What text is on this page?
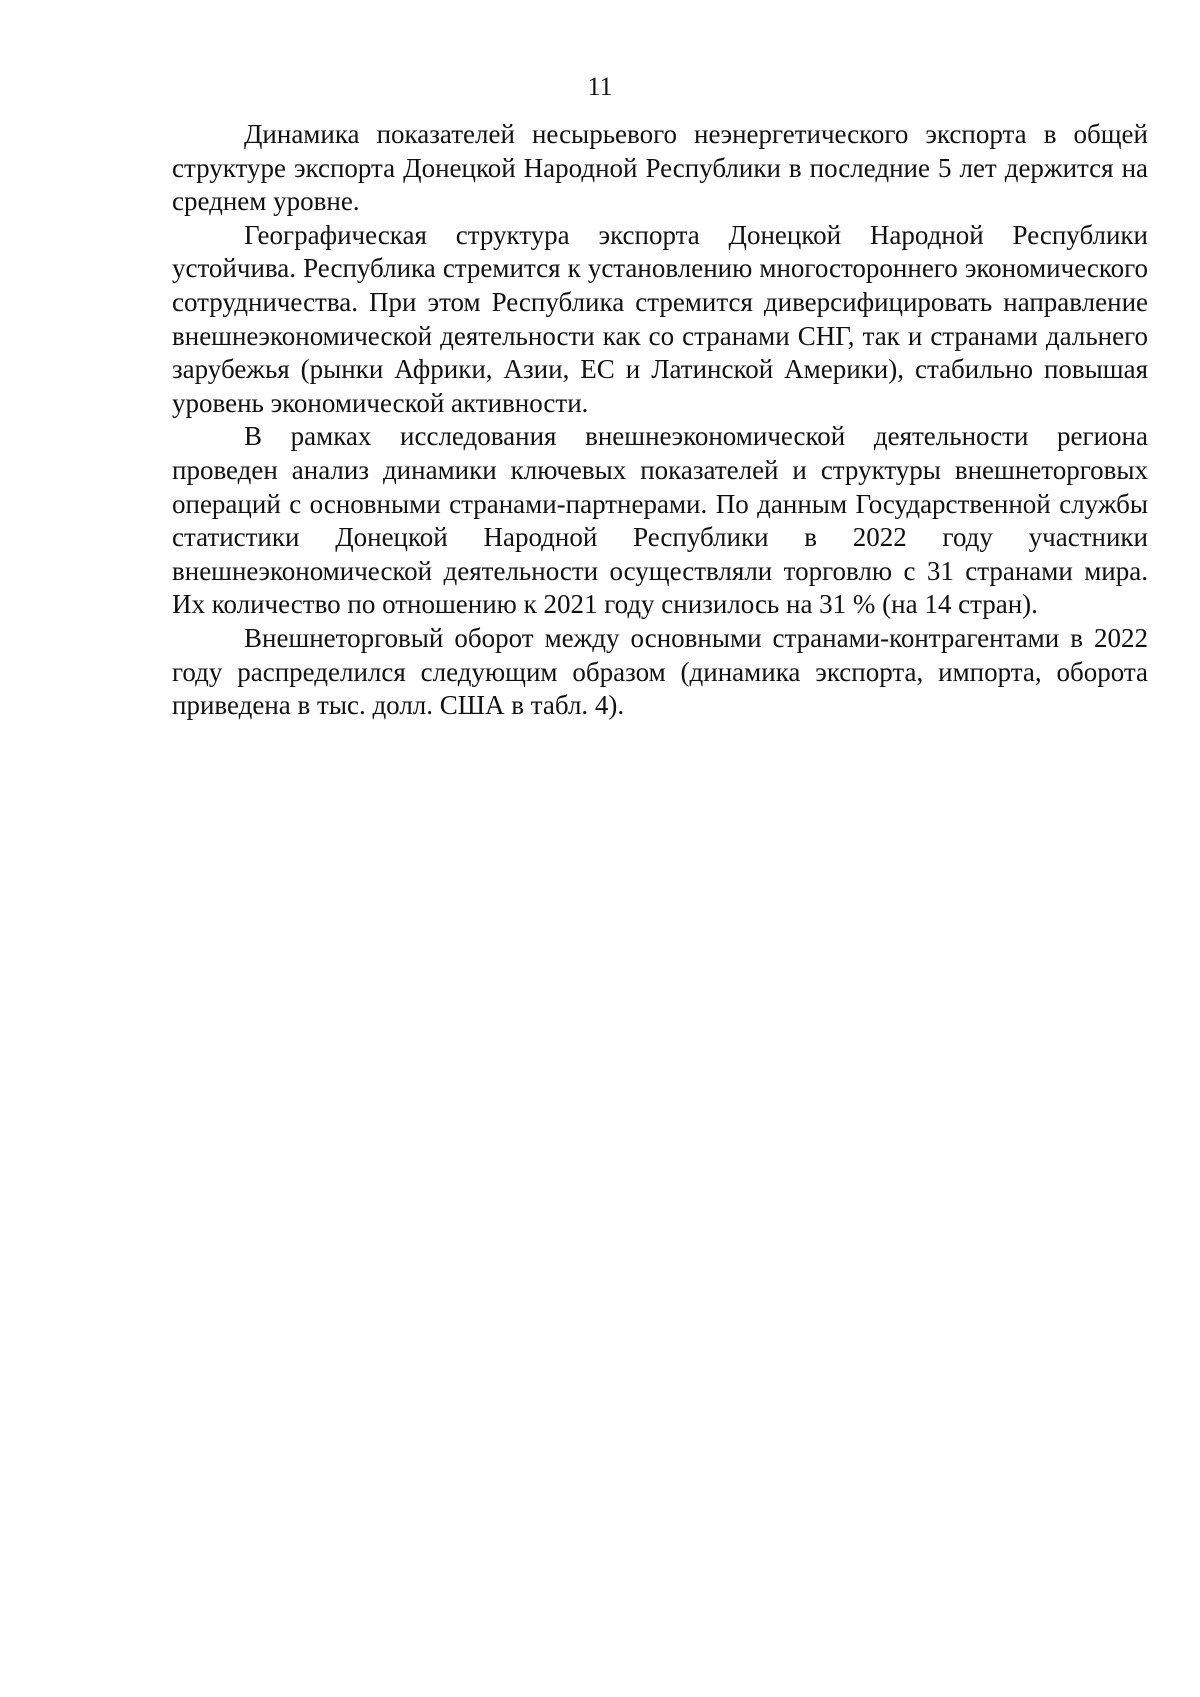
11

Динамика показателей несырьевого неэнергетического экспорта в общей структуре экспорта Донецкой Народной Республики в последние 5 лет держится на среднем уровне.

Географическая структура экспорта Донецкой Народной Республики устойчива. Республика стремится к установлению многостороннего экономического сотрудничества. При этом Республика стремится диверсифицировать направление внешнеэкономической деятельности как со странами СНГ, так и странами дальнего зарубежья (рынки Африки, Азии, ЕС и Латинской Америки), стабильно повышая уровень экономической активности.

В рамках исследования внешнеэкономической деятельности региона проведен анализ динамики ключевых показателей и структуры внешнеторговых операций с основными странами-партнерами. По данным Государственной службы статистики Донецкой Народной Республики в 2022 году участники внешнеэкономической деятельности осуществляли торговлю с 31 странами мира. Их количество по отношению к 2021 году снизилось на 31 % (на 14 стран).

Внешнеторговый оборот между основными странами-контрагентами в 2022 году распределился следующим образом (динамика экспорта, импорта, оборота приведена в тыс. долл. США в табл. 4).
